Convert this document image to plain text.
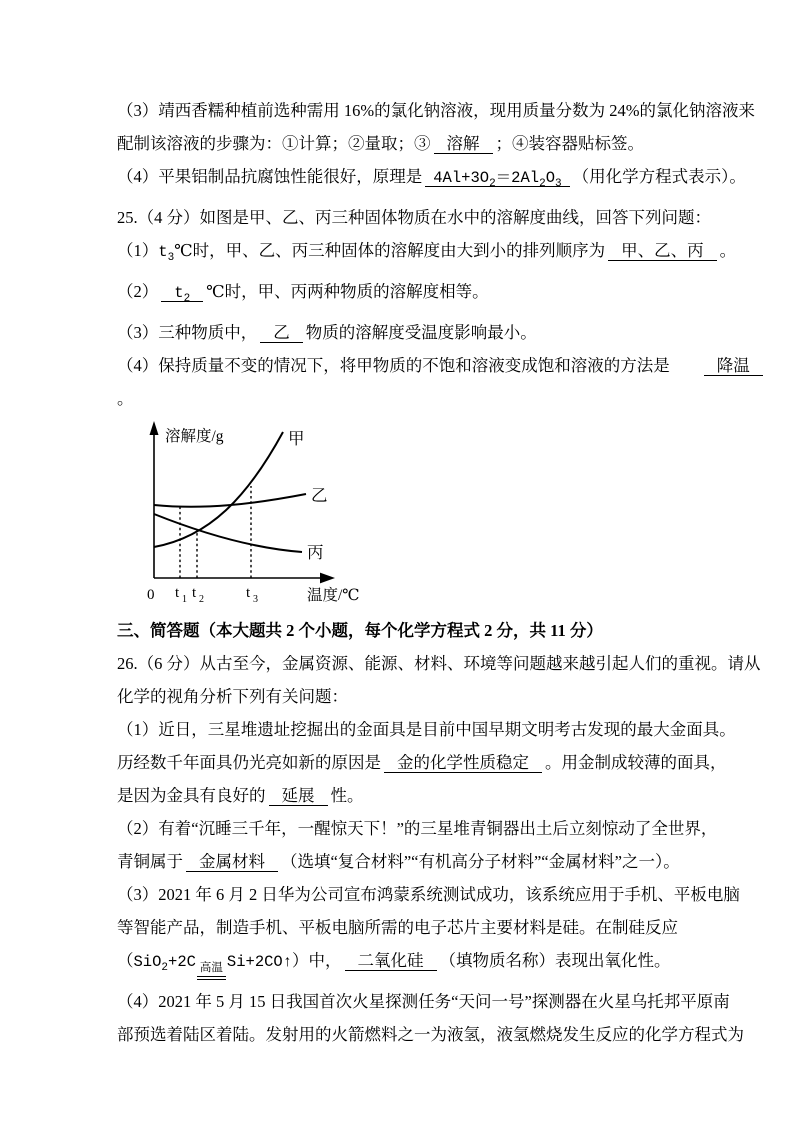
（3）靖西香糯种植前选种需用 16%的氯化钠溶液，现用质量分数为 24%的氯化钠溶液来

配制该溶液的步骤为：①计算；②量取；③ 溶解 ；④装容器贴标签。

（4）平果铝制品抗腐蚀性能很好，原理是 $4Al+3O_2=2Al_2O_3$ （用化学方程式表示）。

25.（4 分）如图是甲、乙、丙三种固体物质在水中的溶解度曲线，回答下列问题：

$(1)t_3℃$时，甲、乙、丙三种固体的溶解度由大到小的排列顺序为 甲、乙、丙 。

（2） $t_2$ ℃时，甲、丙两种物质的溶解度相等。

（3）三种物质中， 乙 物质的溶解度受温度影响最小。

（4）保持质量不变的情况下，将甲物质的不饱和溶液变成饱和溶液的方法是	降温

。

溶解度/g
温度/℃
甲
乙
丙
0 t 1 t 2	t 3

三、简答题（本大题共 2 个小题，每个化学方程式 2 分，共 11 分）

26.（6 分）从古至今，金属资源、能源、材料、环境等问题越来越引起人们的重视。请从

化学的视角分析下列有关问题：

（1）近日，三星堆遗址挖掘出的金面具是目前中国早期文明考古发现的最大金面具。

历经数千年面具仍光亮如新的原因是 金的化学性质稳定 。用金制成较薄的面具，

是因为金具有良好的 延展 性。

（2）有着“沉睡三千年，一醒惊天下！”的三星堆青铜器出土后立刻惊动了全世界，

青铜属于 金属材料 （选填“复合材料”“有机高分子材料”“金属材料”之一）。

（3）2021 年 6 月 2 日华为公司宣布鸿蒙系统测试成功，该系统应用于手机、平板电脑

等智能产品，制造手机、平板电脑所需的电子芯片主要材料是硅。在制硅反应

（SiO$_2$+2C 高温 Si+2CO↑）中， 二氧化硅 （填物质名称）表现出氧化性。

（4）2021 年 5 月 15 日我国首次火星探测任务“天问一号”探测器在火星乌托邦平原南

部预选着陆区着陆。发射用的火箭燃料之一为液氢，液氢燃烧发生反应的化学方程式为
